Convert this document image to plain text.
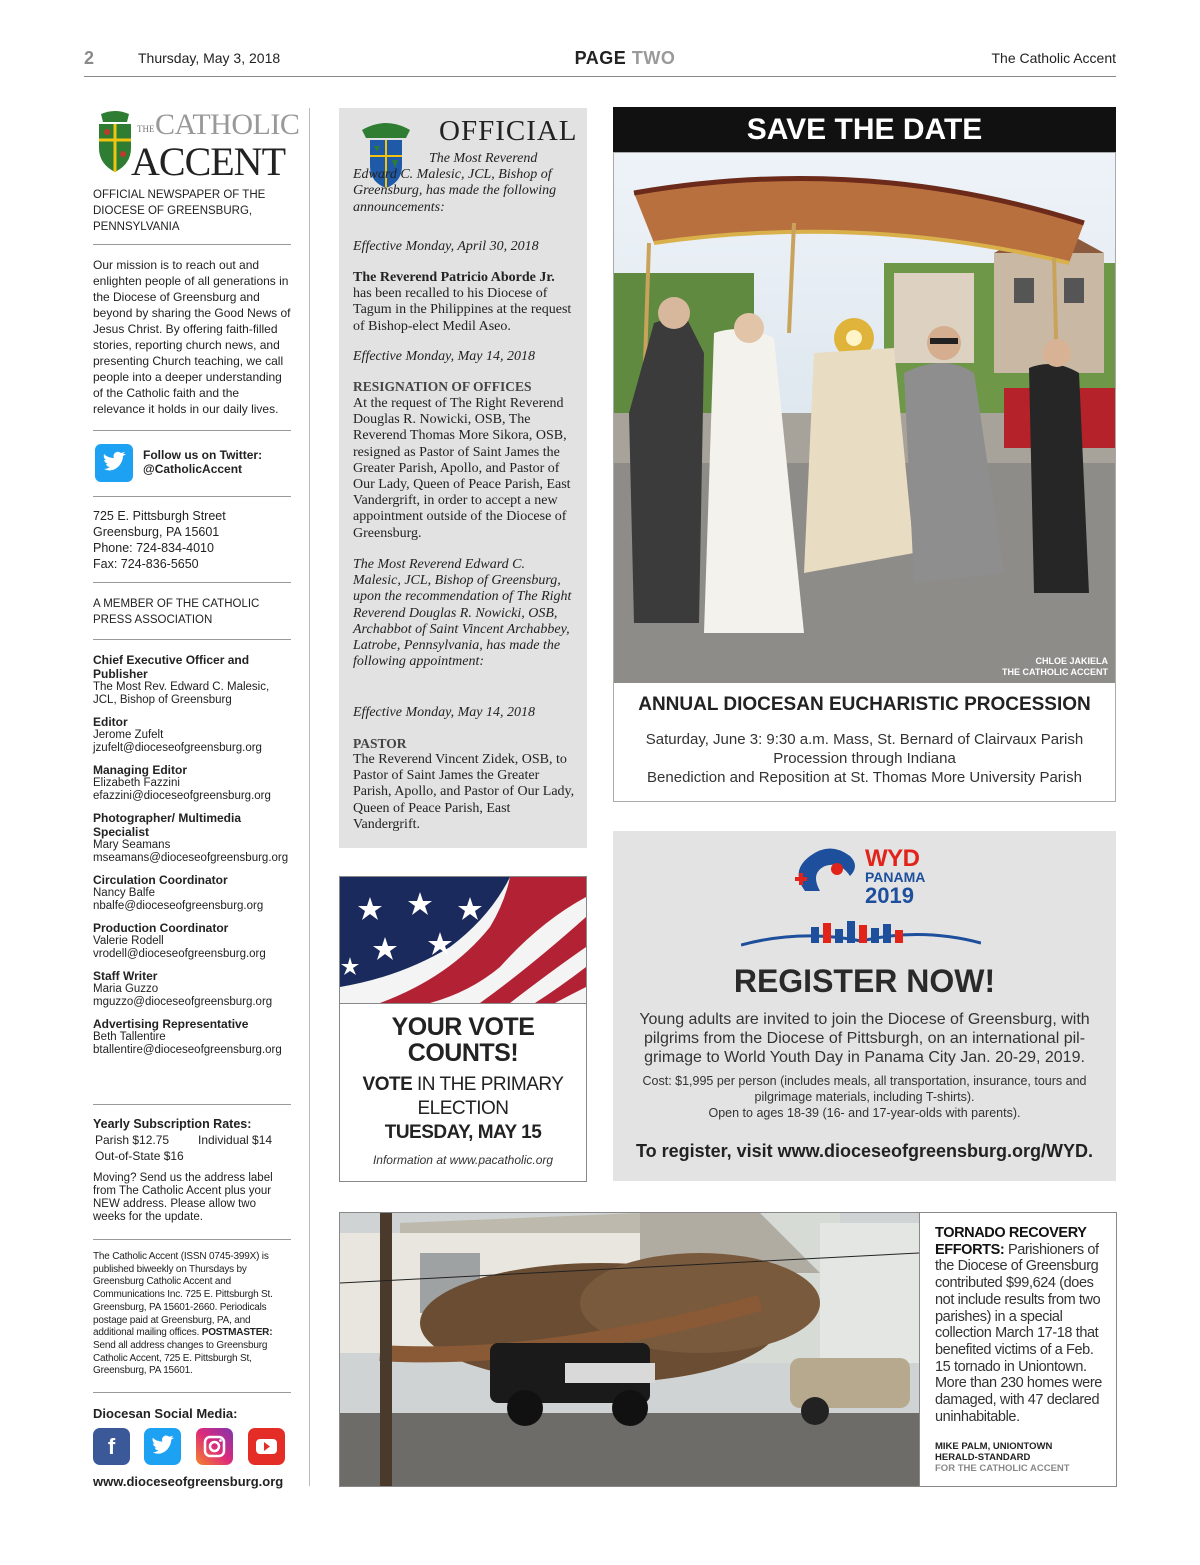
2	Thursday, May 3, 2018	PAGE TWO	The Catholic Accent
THE CATHOLIC
ACCENT
OFFICIAL NEWSPAPER OF THE DIOCESE OF GREENSBURG, PENNSYLVANIA
Our mission is to reach out and enlighten people of all generations in the Diocese of Greensburg and beyond by sharing the Good News of Jesus Christ. By offering faith-filled stories, reporting church news, and presenting Church teaching, we call people into a deeper understanding of the Catholic faith and the relevance it holds in our daily lives.
Follow us on Twitter:
@CatholicAccent
725 E. Pittsburgh Street
Greensburg, PA 15601
Phone: 724-834-4010
Fax: 724-836-5650
A MEMBER OF THE CATHOLIC PRESS ASSOCIATION
Chief Executive Officer and Publisher
The Most Rev. Edward C. Malesic, JCL, Bishop of Greensburg
Editor
Jerome Zufelt
jzufelt@dioceseofgreensburg.org
Managing Editor
Elizabeth Fazzini
efazzini@dioceseofgreensburg.org
Photographer/ Multimedia Specialist
Mary Seamans
mseamans@dioceseofgreensburg.org
Circulation Coordinator
Nancy Balfe
nbalfe@dioceseofgreensburg.org
Production Coordinator
Valerie Rodell
vrodell@dioceseofgreensburg.org
Staff Writer
Maria Guzzo
mguzzo@dioceseofgreensburg.org
Advertising Representative
Beth Tallentire
btallentire@dioceseofgreensburg.org
Yearly Subscription Rates:
Parish $12.75 Individual $14
Out-of-State $16
Moving? Send us the address label from The Catholic Accent plus your NEW address. Please allow two weeks for the update.
The Catholic Accent (ISSN 0745-399X) is published biweekly on Thursdays by Greensburg Catholic Accent and Communications Inc. 725 E. Pittsburgh St. Greensburg, PA 15601-2660. Periodicals postage paid at Greensburg, PA, and additional mailing offices. POSTMASTER: Send all address changes to Greensburg Catholic Accent, 725 E. Pittsburgh St, Greensburg, PA 15601.
Diocesan Social Media:
f
www.dioceseofgreensburg.org
OFFICIAL
The Most Reverend Edward C. Malesic, JCL, Bishop of Greensburg, has made the following announcements:
Effective Monday, April 30, 2018
The Reverend Patricio Aborde Jr. has been recalled to his Diocese of Tagum in the Philippines at the request of Bishop-elect Medil Aseo.
Effective Monday, May 14, 2018
RESIGNATION OF OFFICES
At the request of The Right Reverend Douglas R. Nowicki, OSB, The Reverend Thomas More Sikora, OSB, resigned as Pastor of Saint James the Greater Parish, Apollo, and Pastor of Our Lady, Queen of Peace Parish, East Vandergrift, in order to accept a new appointment outside of the Diocese of Greensburg.
The Most Reverend Edward C. Malesic, JCL, Bishop of Greensburg, upon the recommendation of The Right Reverend Douglas R. Nowicki, OSB, Archabbot of Saint Vincent Archabbey, Latrobe, Pennsylvania, has made the following appointment:
Effective Monday, May 14, 2018
PASTOR
The Reverend Vincent Zidek, OSB, to Pastor of Saint James the Greater Parish, Apollo, and Pastor of Our Lady, Queen of Peace Parish, East Vandergrift.
SAVE THE DATE
CHLOE JAKIELA
THE CATHOLIC ACCENT
ANNUAL DIOCESAN EUCHARISTIC PROCESSION
Saturday, June 3: 9:30 a.m. Mass, St. Bernard of Clairvaux Parish
Procession through Indiana
Benediction and Reposition at St. Thomas More University Parish
YOUR VOTE
COUNTS!
VOTE IN THE PRIMARY
ELECTION
TUESDAY, MAY 15
Information at www.pacatholic.org
WYD
PANAMA
2019
REGISTER NOW!
Young adults are invited to join the Diocese of Greensburg, with pilgrims from the Diocese of Pittsburgh, on an international pil-grimage to World Youth Day in Panama City Jan. 20-29, 2019.
Cost: $1,995 per person (includes meals, all transportation, insurance, tours and pilgrimage materials, including T-shirts).
Open to ages 18-39 (16- and 17-year-olds with parents).
To register, visit www.dioceseofgreensburg.org/WYD.
TORNADO RECOVERY EFFORTS: Parishioners of the Diocese of Greensburg contributed $99,624 (does not include results from two parishes) in a special collection March 17-18 that benefited victims of a Feb. 15 tornado in Uniontown. More than 230 homes were damaged, with 47 declared uninhabitable.
MIKE PALM, UNIONTOWN
HERALD-STANDARD
FOR THE CATHOLIC ACCENT
